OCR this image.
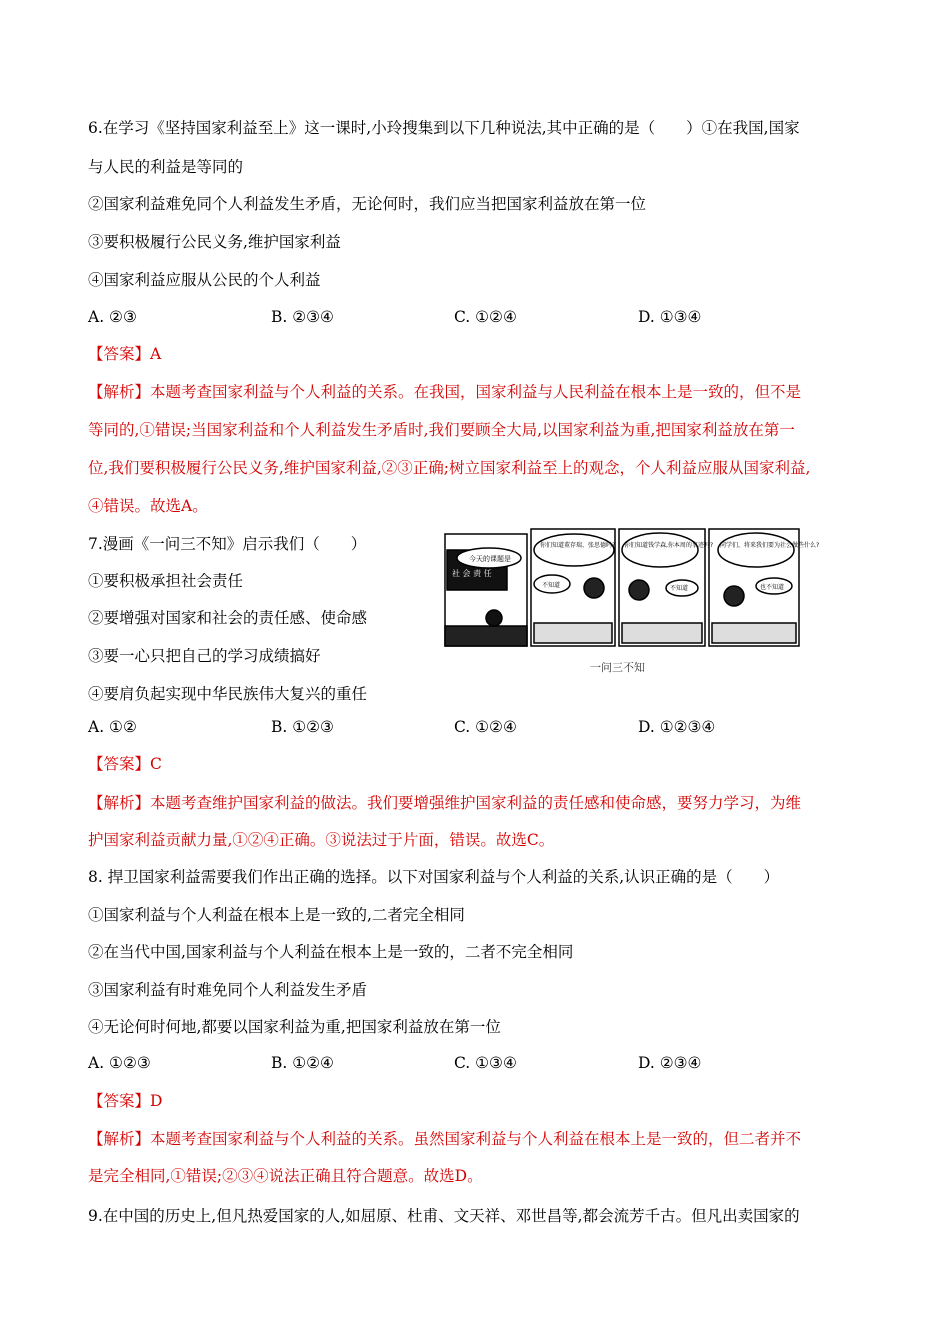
6.在学习《坚持国家利益至上》这一课时,小玲搜集到以下几种说法,其中正确的是（　　）①在我国,国家
与人民的利益是等同的
②国家利益难免同个人利益发生矛盾，无论何时，我们应当把国家利益放在第一位
③要积极履行公民义务,维护国家利益
④国家利益应服从公民的个人利益
A. ②③	B. ②③④	C. ①②④	D. ①③④
【答案】A
【解析】本题考查国家利益与个人利益的关系。在我国，国家利益与人民利益在根本上是一致的，但不是
等同的,①错误;当国家利益和个人利益发生矛盾时,我们要顾全大局,以国家利益为重,把国家利益放在第一
位,我们要积极履行公民义务,维护国家利益,②③正确;树立国家利益至上的观念，个人利益应服从国家利益,
④错误。故选A。
7.漫画《一问三不知》启示我们（　　）
①要积极承担社会责任
②要增强对国家和社会的责任感、使命感
③要一心只把自己的学习成绩搞好
④要肩负起实现中华民族伟大复兴的重任
今天的课题是
社 会 责 任
你们知道董存瑞、张思德吗?
不知道
你们知道钱学森,你本周的事迹吗?
不知道
同学们，将来我们要为社会做些什么?
也不知道
一问三不知
A. ①②	B. ①②③	C. ①②④	D. ①②③④
【答案】C
【解析】本题考查维护国家利益的做法。我们要增强维护国家利益的责任感和使命感，要努力学习，为维
护国家利益贡献力量,①②④正确。③说法过于片面，错误。故选C。
8. 捍卫国家利益需要我们作出正确的选择。以下对国家利益与个人利益的关系,认识正确的是（　　）
①国家利益与个人利益在根本上是一致的,二者完全相同
②在当代中国,国家利益与个人利益在根本上是一致的，二者不完全相同
③国家利益有时难免同个人利益发生矛盾
④无论何时何地,都要以国家利益为重,把国家利益放在第一位
A. ①②③	B. ①②④	C. ①③④	D. ②③④
【答案】D
【解析】本题考查国家利益与个人利益的关系。虽然国家利益与个人利益在根本上是一致的，但二者并不
是完全相同,①错误;②③④说法正确且符合题意。故选D。
9.在中国的历史上,但凡热爱国家的人,如屈原、杜甫、文天祥、邓世昌等,都会流芳千古。但凡出卖国家的
